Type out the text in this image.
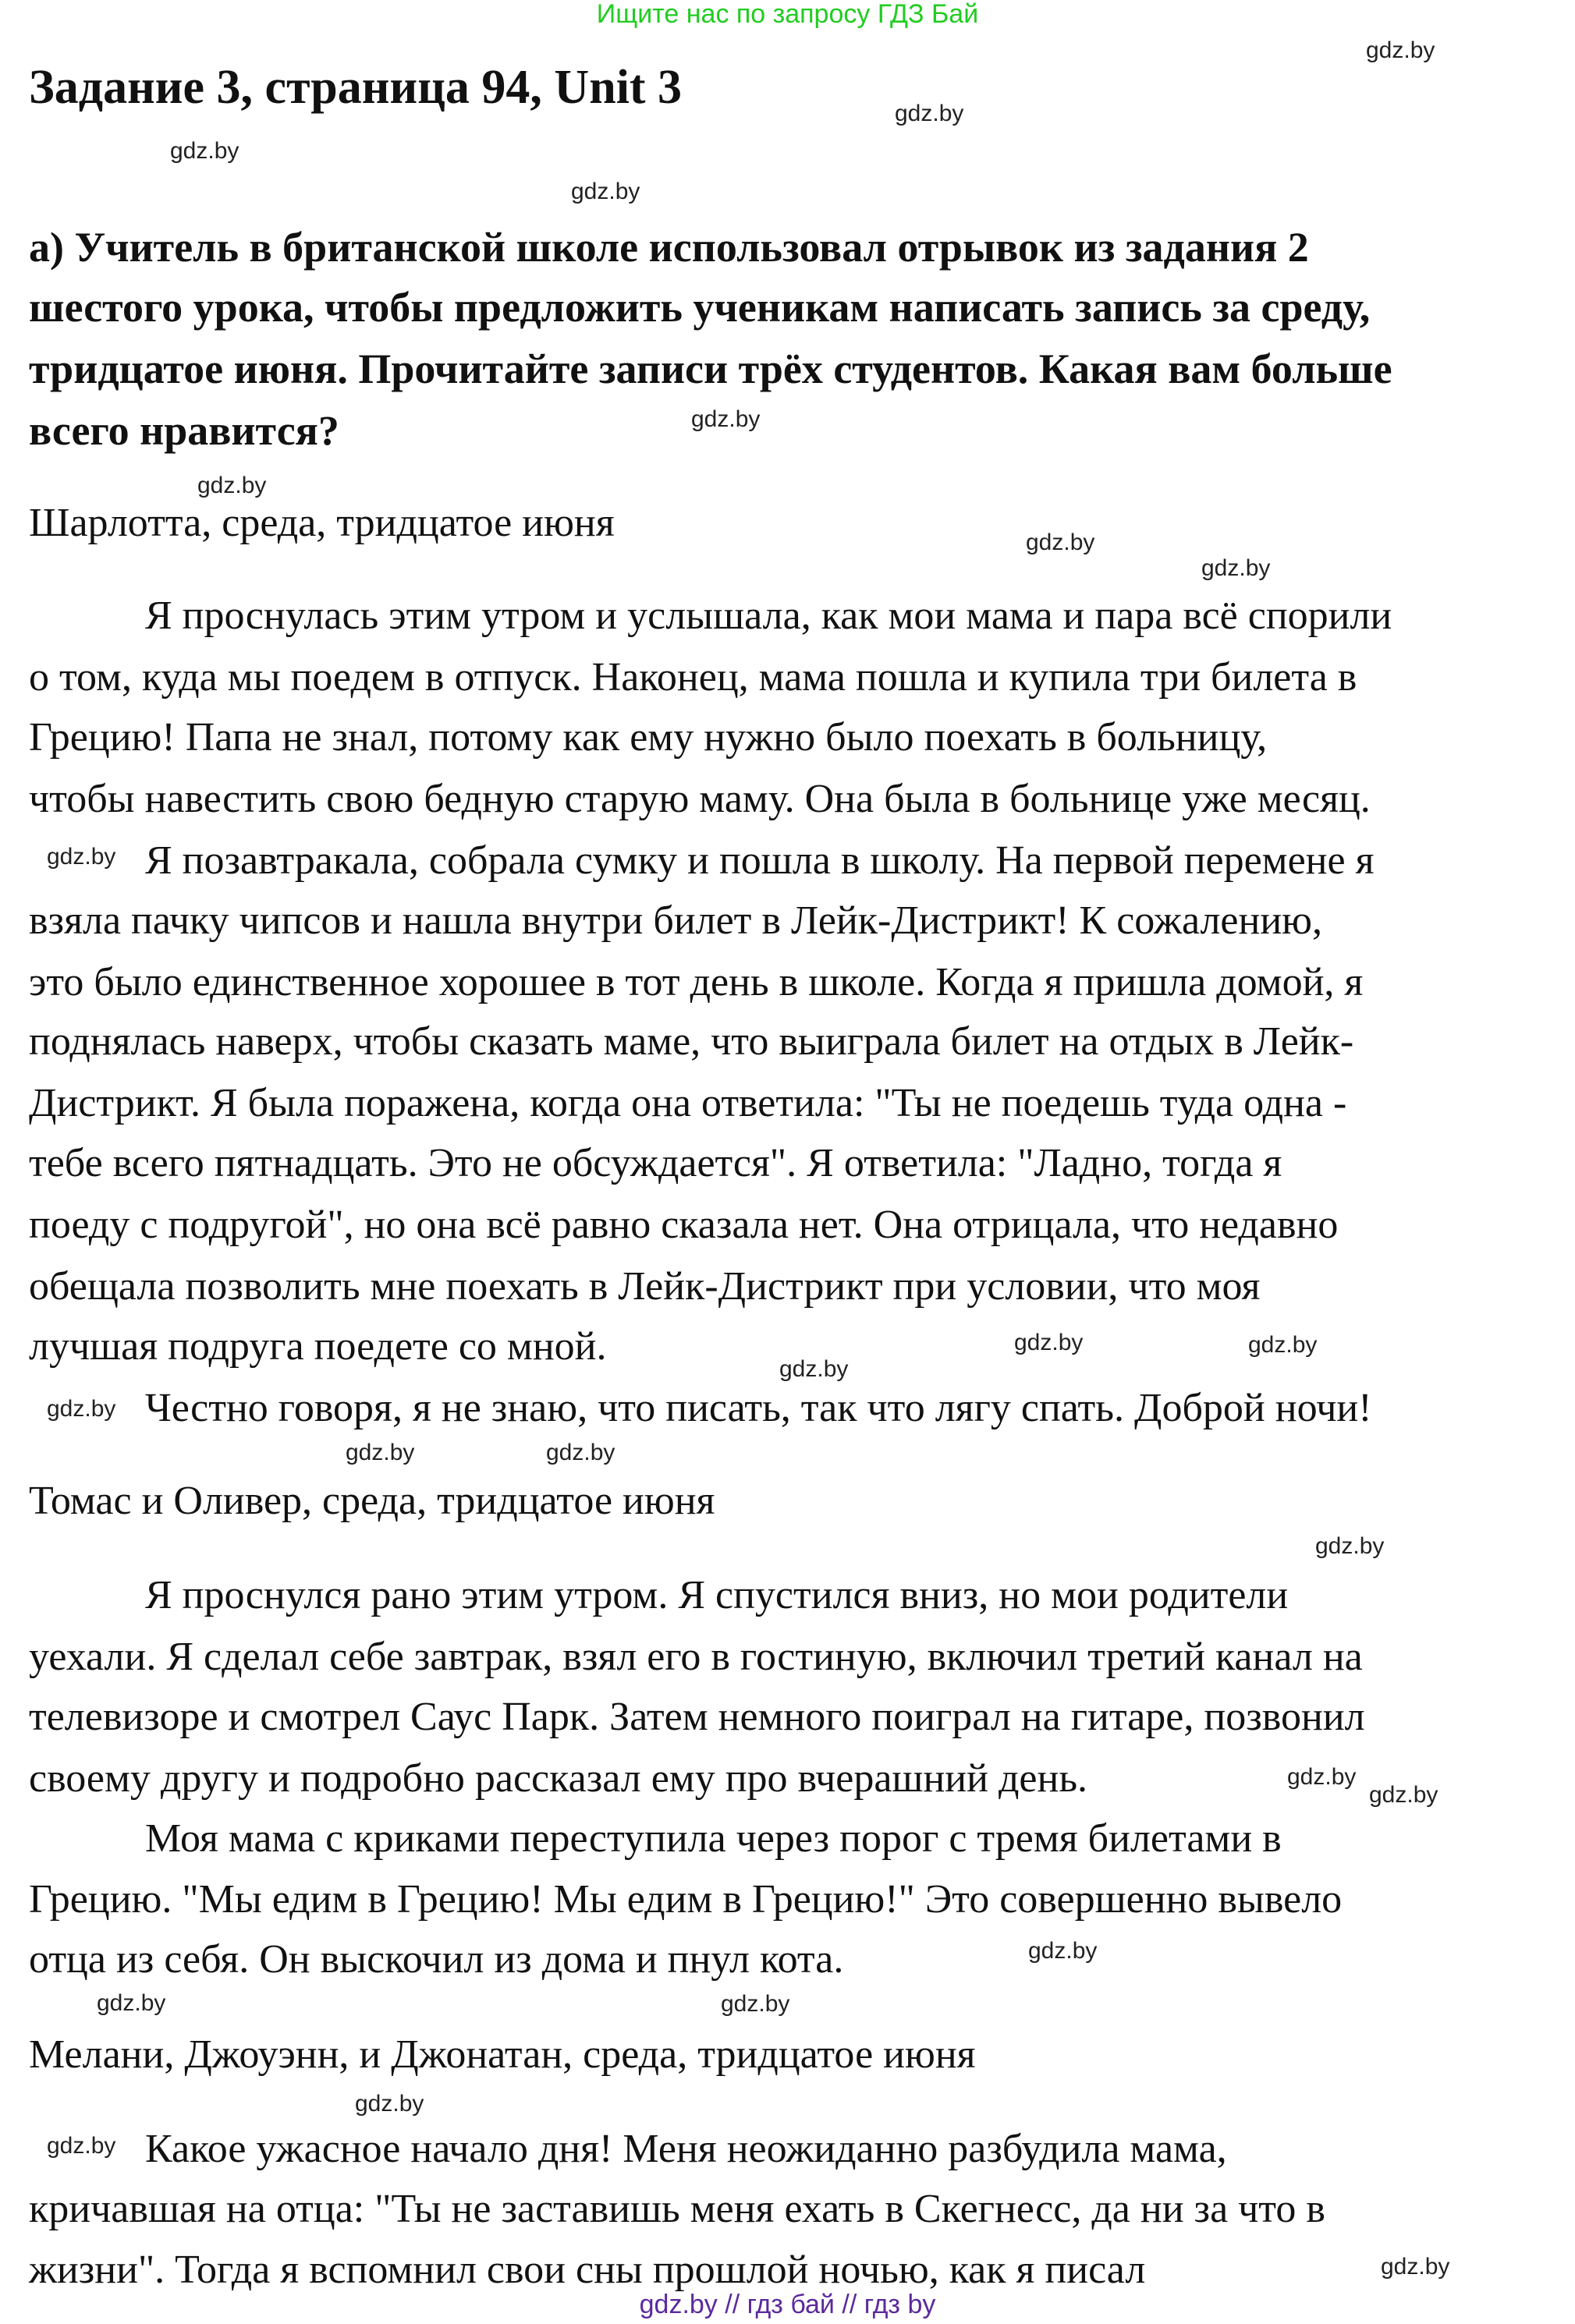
Ищите нас по запросу ГДЗ Бай
Задание 3, страница 94, Unit 3
а) Учитель в британской школе использовал отрывок из задания 2
шестого урока, чтобы предложить ученикам написать запись за среду,
тридцатое июня. Прочитайте записи трёх студентов. Какая вам больше
всего нравится?
Шарлотта, среда, тридцатое июня
Я проснулась этим утром и услышала, как мои мама и пара всё спорили
о том, куда мы поедем в отпуск. Наконец, мама пошла и купила три билета в
Грецию! Папа не знал, потому как ему нужно было поехать в больницу,
чтобы навестить свою бедную старую маму. Она была в больнице уже месяц.
Я позавтракала, собрала сумку и пошла в школу. На первой перемене я
взяла пачку чипсов и нашла внутри билет в Лейк-Дистрикт! К сожалению,
это было единственное хорошее в тот день в школе. Когда я пришла домой, я
поднялась наверх, чтобы сказать маме, что выиграла билет на отдых в Лейк-
Дистрикт. Я была поражена, когда она ответила: "Ты не поедешь туда одна -
тебе всего пятнадцать. Это не обсуждается". Я ответила: "Ладно, тогда я
поеду с подругой", но она всё равно сказала нет. Она отрицала, что недавно
обещала позволить мне поехать в Лейк-Дистрикт при условии, что моя
лучшая подруга поедете со мной.
Честно говоря, я не знаю, что писать, так что лягу спать. Доброй ночи!
Томас и Оливер, среда, тридцатое июня
Я проснулся рано этим утром. Я спустился вниз, но мои родители
уехали. Я сделал себе завтрак, взял его в гостиную, включил третий канал на
телевизоре и смотрел Саус Парк. Затем немного поиграл на гитаре, позвонил
своему другу и подробно рассказал ему про вчерашний день.
Моя мама с криками переступила через порог с тремя билетами в
Грецию. "Мы едим в Грецию! Мы едим в Грецию!" Это совершенно вывело
отца из себя. Он выскочил из дома и пнул кота.
Мелани, Джоуэнн, и Джонатан, среда, тридцатое июня
Какое ужасное начало дня! Меня неожиданно разбудила мама,
кричавшая на отца: "Ты не заставишь меня ехать в Скегнесс, да ни за что в
жизни". Тогда я вспомнил свои сны прошлой ночью, как я писал
gdz.by
gdz.by
gdz.by
gdz.by
gdz.by
gdz.by
gdz.by
gdz.by
gdz.by
gdz.by	gdz.by
gdz.by
gdz.by
gdz.by
gdz.by
gdz.by
gdz.by
gdz.by
gdz.by
gdz.by
gdz.by
gdz.by
gdz.by
gdz.by
gdz.by // гдз бай // гдз by
